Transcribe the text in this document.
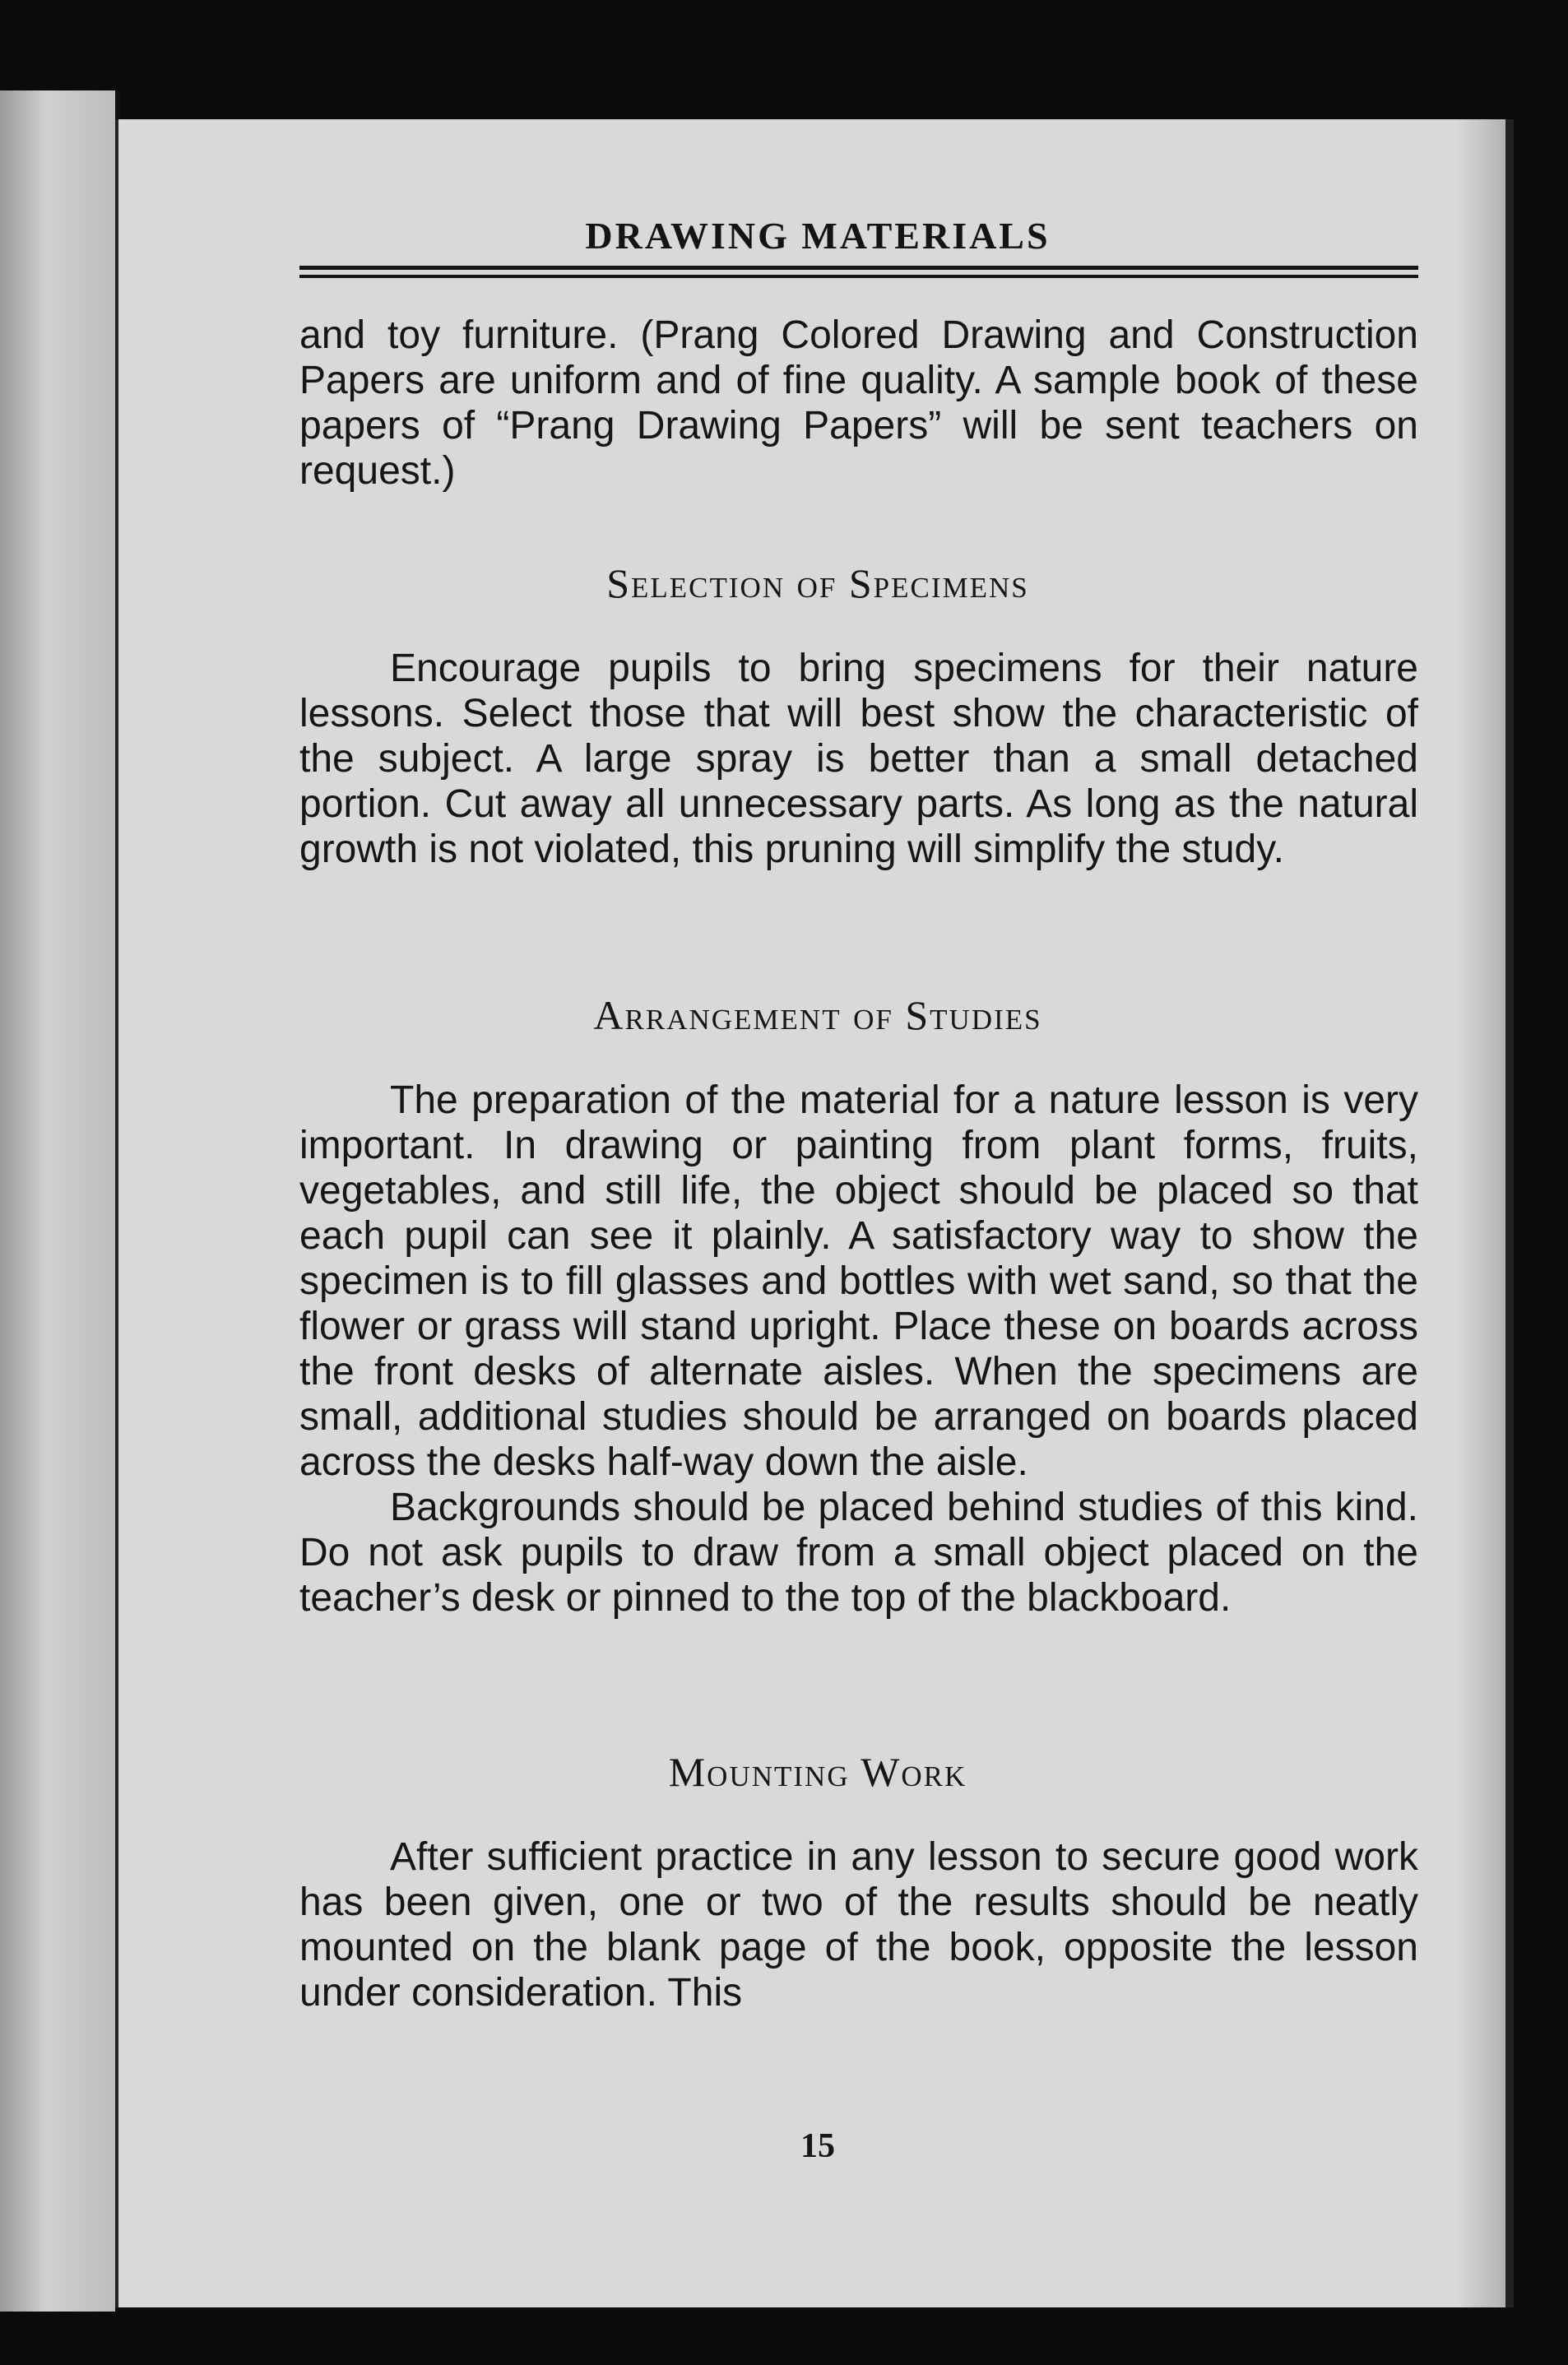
DRAWING MATERIALS

and toy furniture. (Prang Colored Drawing and Construction Papers are uniform and of fine quality. A sample book of these papers of “Prang Drawing Papers” will be sent teachers on request.)

Selection of Specimens

Encourage pupils to bring specimens for their nature lessons. Select those that will best show the characteristic of the subject. A large spray is better than a small detached portion. Cut away all unnecessary parts. As long as the natural growth is not violated, this pruning will simplify the study.

Arrangement of Studies

The preparation of the material for a nature lesson is very important. In drawing or painting from plant forms, fruits, vegetables, and still life, the object should be placed so that each pupil can see it plainly. A satisfactory way to show the specimen is to fill glasses and bottles with wet sand, so that the flower or grass will stand upright. Place these on boards across the front desks of alternate aisles. When the specimens are small, additional studies should be arranged on boards placed across the desks half-way down the aisle.

Backgrounds should be placed behind studies of this kind. Do not ask pupils to draw from a small object placed on the teacher’s desk or pinned to the top of the blackboard.

Mounting Work

After sufficient practice in any lesson to secure good work has been given, one or two of the results should be neatly mounted on the blank page of the book, opposite the lesson under consideration. This

15
